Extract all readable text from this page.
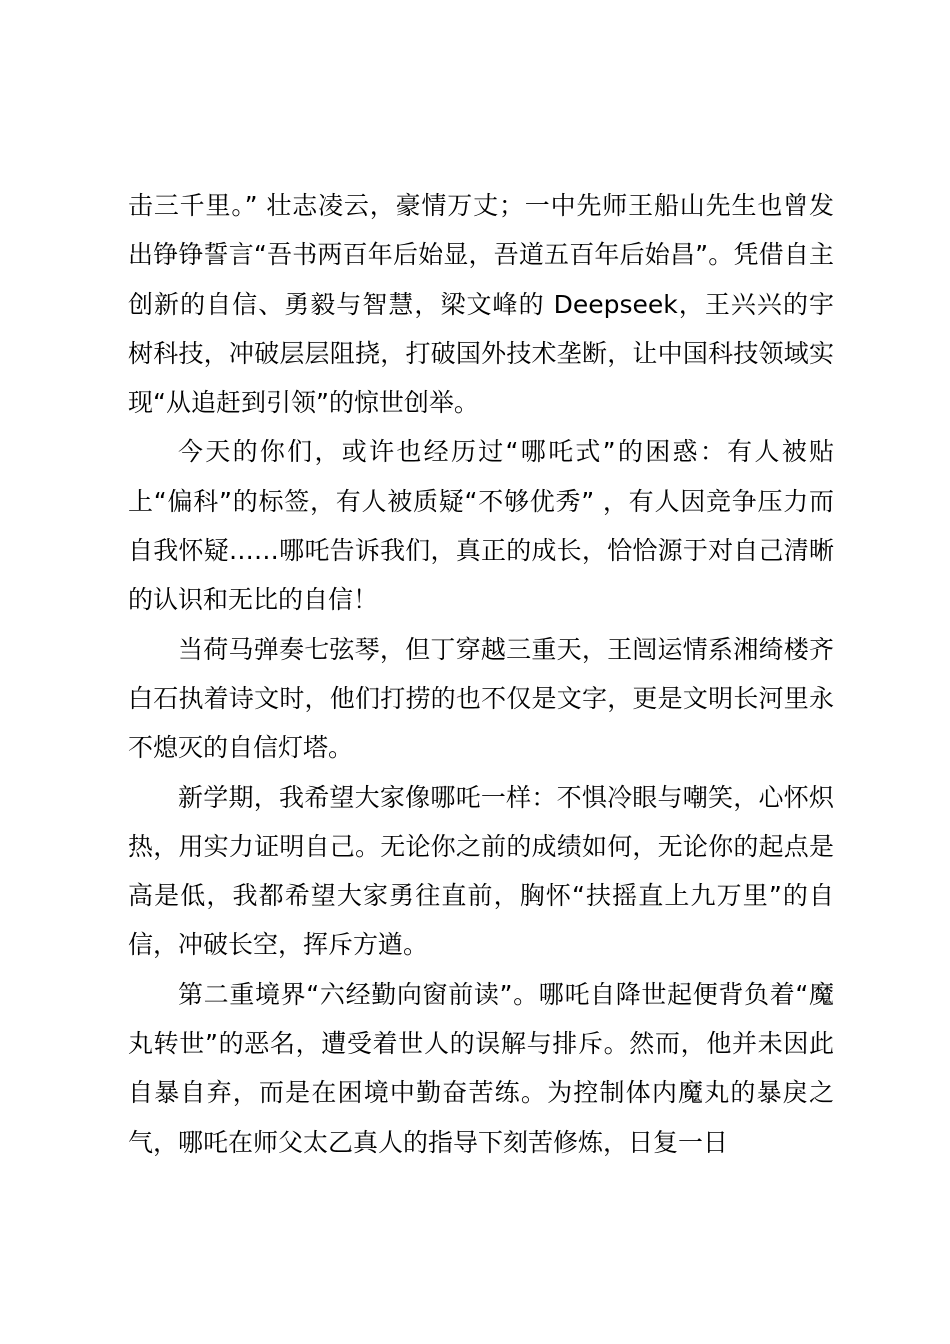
击三千里。” 壮志凌云，豪情万丈；一中先师王船山先生也曾发出铮铮誓言“吾书两百年后始显，吾道五百年后始昌”。凭借自主创新的自信、勇毅与智慧，梁文峰的 Deepseek，王兴兴的宇树科技，冲破层层阻挠，打破国外技术垄断，让中国科技领域实现“从追赶到引领”的惊世创举。

今天的你们，或许也经历过“哪吒式”的困惑：有人被贴上“偏科”的标签，有人被质疑“不够优秀” ，有人因竞争压力而自我怀疑……哪吒告诉我们，真正的成长，恰恰源于对自己清晰的认识和无比的自信！

当荷马弹奏七弦琴，但丁穿越三重天，王闿运情系湘绮楼齐白石执着诗文时，他们打捞的也不仅是文字，更是文明长河里永不熄灭的自信灯塔。

新学期，我希望大家像哪吒一样：不惧冷眼与嘲笑，心怀炽热，用实力证明自己。无论你之前的成绩如何，无论你的起点是高是低，我都希望大家勇往直前，胸怀“扶摇直上九万里”的自信，冲破长空，挥斥方遒。

第二重境界“六经勤向窗前读”。哪吒自降世起便背负着“魔丸转世”的恶名，遭受着世人的误解与排斥。然而，他并未因此自暴自弃，而是在困境中勤奋苦练。为控制体内魔丸的暴戾之气，哪吒在师父太乙真人的指导下刻苦修炼，日复一日
